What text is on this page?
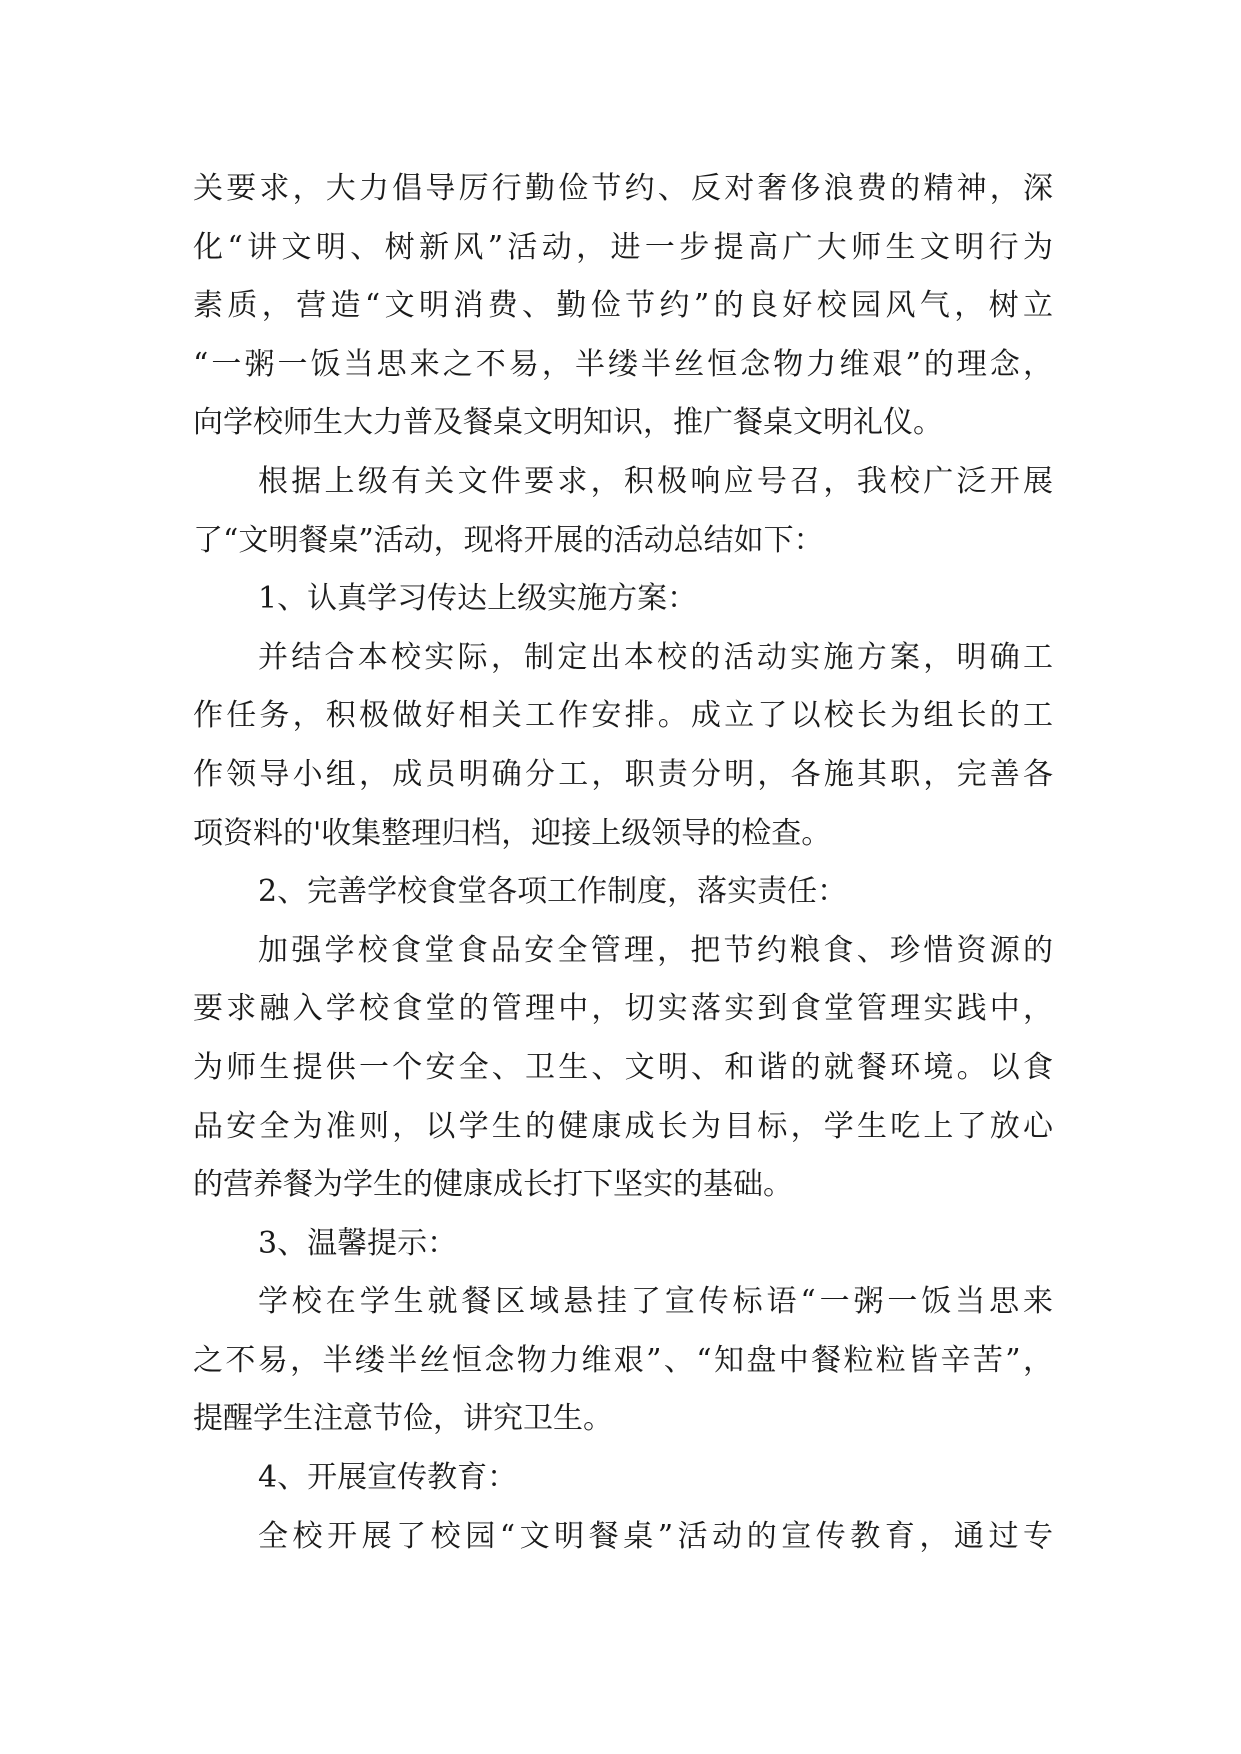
关要求，大力倡导厉行勤俭节约、反对奢侈浪费的精神，深
化“讲文明、树新风”活动，进一步提高广大师生文明行为
素质，营造“文明消费、勤俭节约”的良好校园风气，树立
“一粥一饭当思来之不易，半缕半丝恒念物力维艰”的理念，
向学校师生大力普及餐桌文明知识，推广餐桌文明礼仪。
根据上级有关文件要求，积极响应号召，我校广泛开展
了“文明餐桌”活动，现将开展的活动总结如下：
1、认真学习传达上级实施方案：
并结合本校实际，制定出本校的活动实施方案，明确工
作任务，积极做好相关工作安排。成立了以校长为组长的工
作领导小组，成员明确分工，职责分明，各施其职，完善各
项资料的'收集整理归档，迎接上级领导的检查。
2、完善学校食堂各项工作制度，落实责任：
加强学校食堂食品安全管理，把节约粮食、珍惜资源的
要求融入学校食堂的管理中，切实落实到食堂管理实践中，
为师生提供一个安全、卫生、文明、和谐的就餐环境。以食
品安全为准则，以学生的健康成长为目标，学生吃上了放心
的营养餐为学生的健康成长打下坚实的基础。
3、温馨提示：
学校在学生就餐区域悬挂了宣传标语“一粥一饭当思来
之不易，半缕半丝恒念物力维艰”、“知盘中餐粒粒皆辛苦”，
提醒学生注意节俭，讲究卫生。
4、开展宣传教育：
全校开展了校园“文明餐桌”活动的宣传教育，通过专
